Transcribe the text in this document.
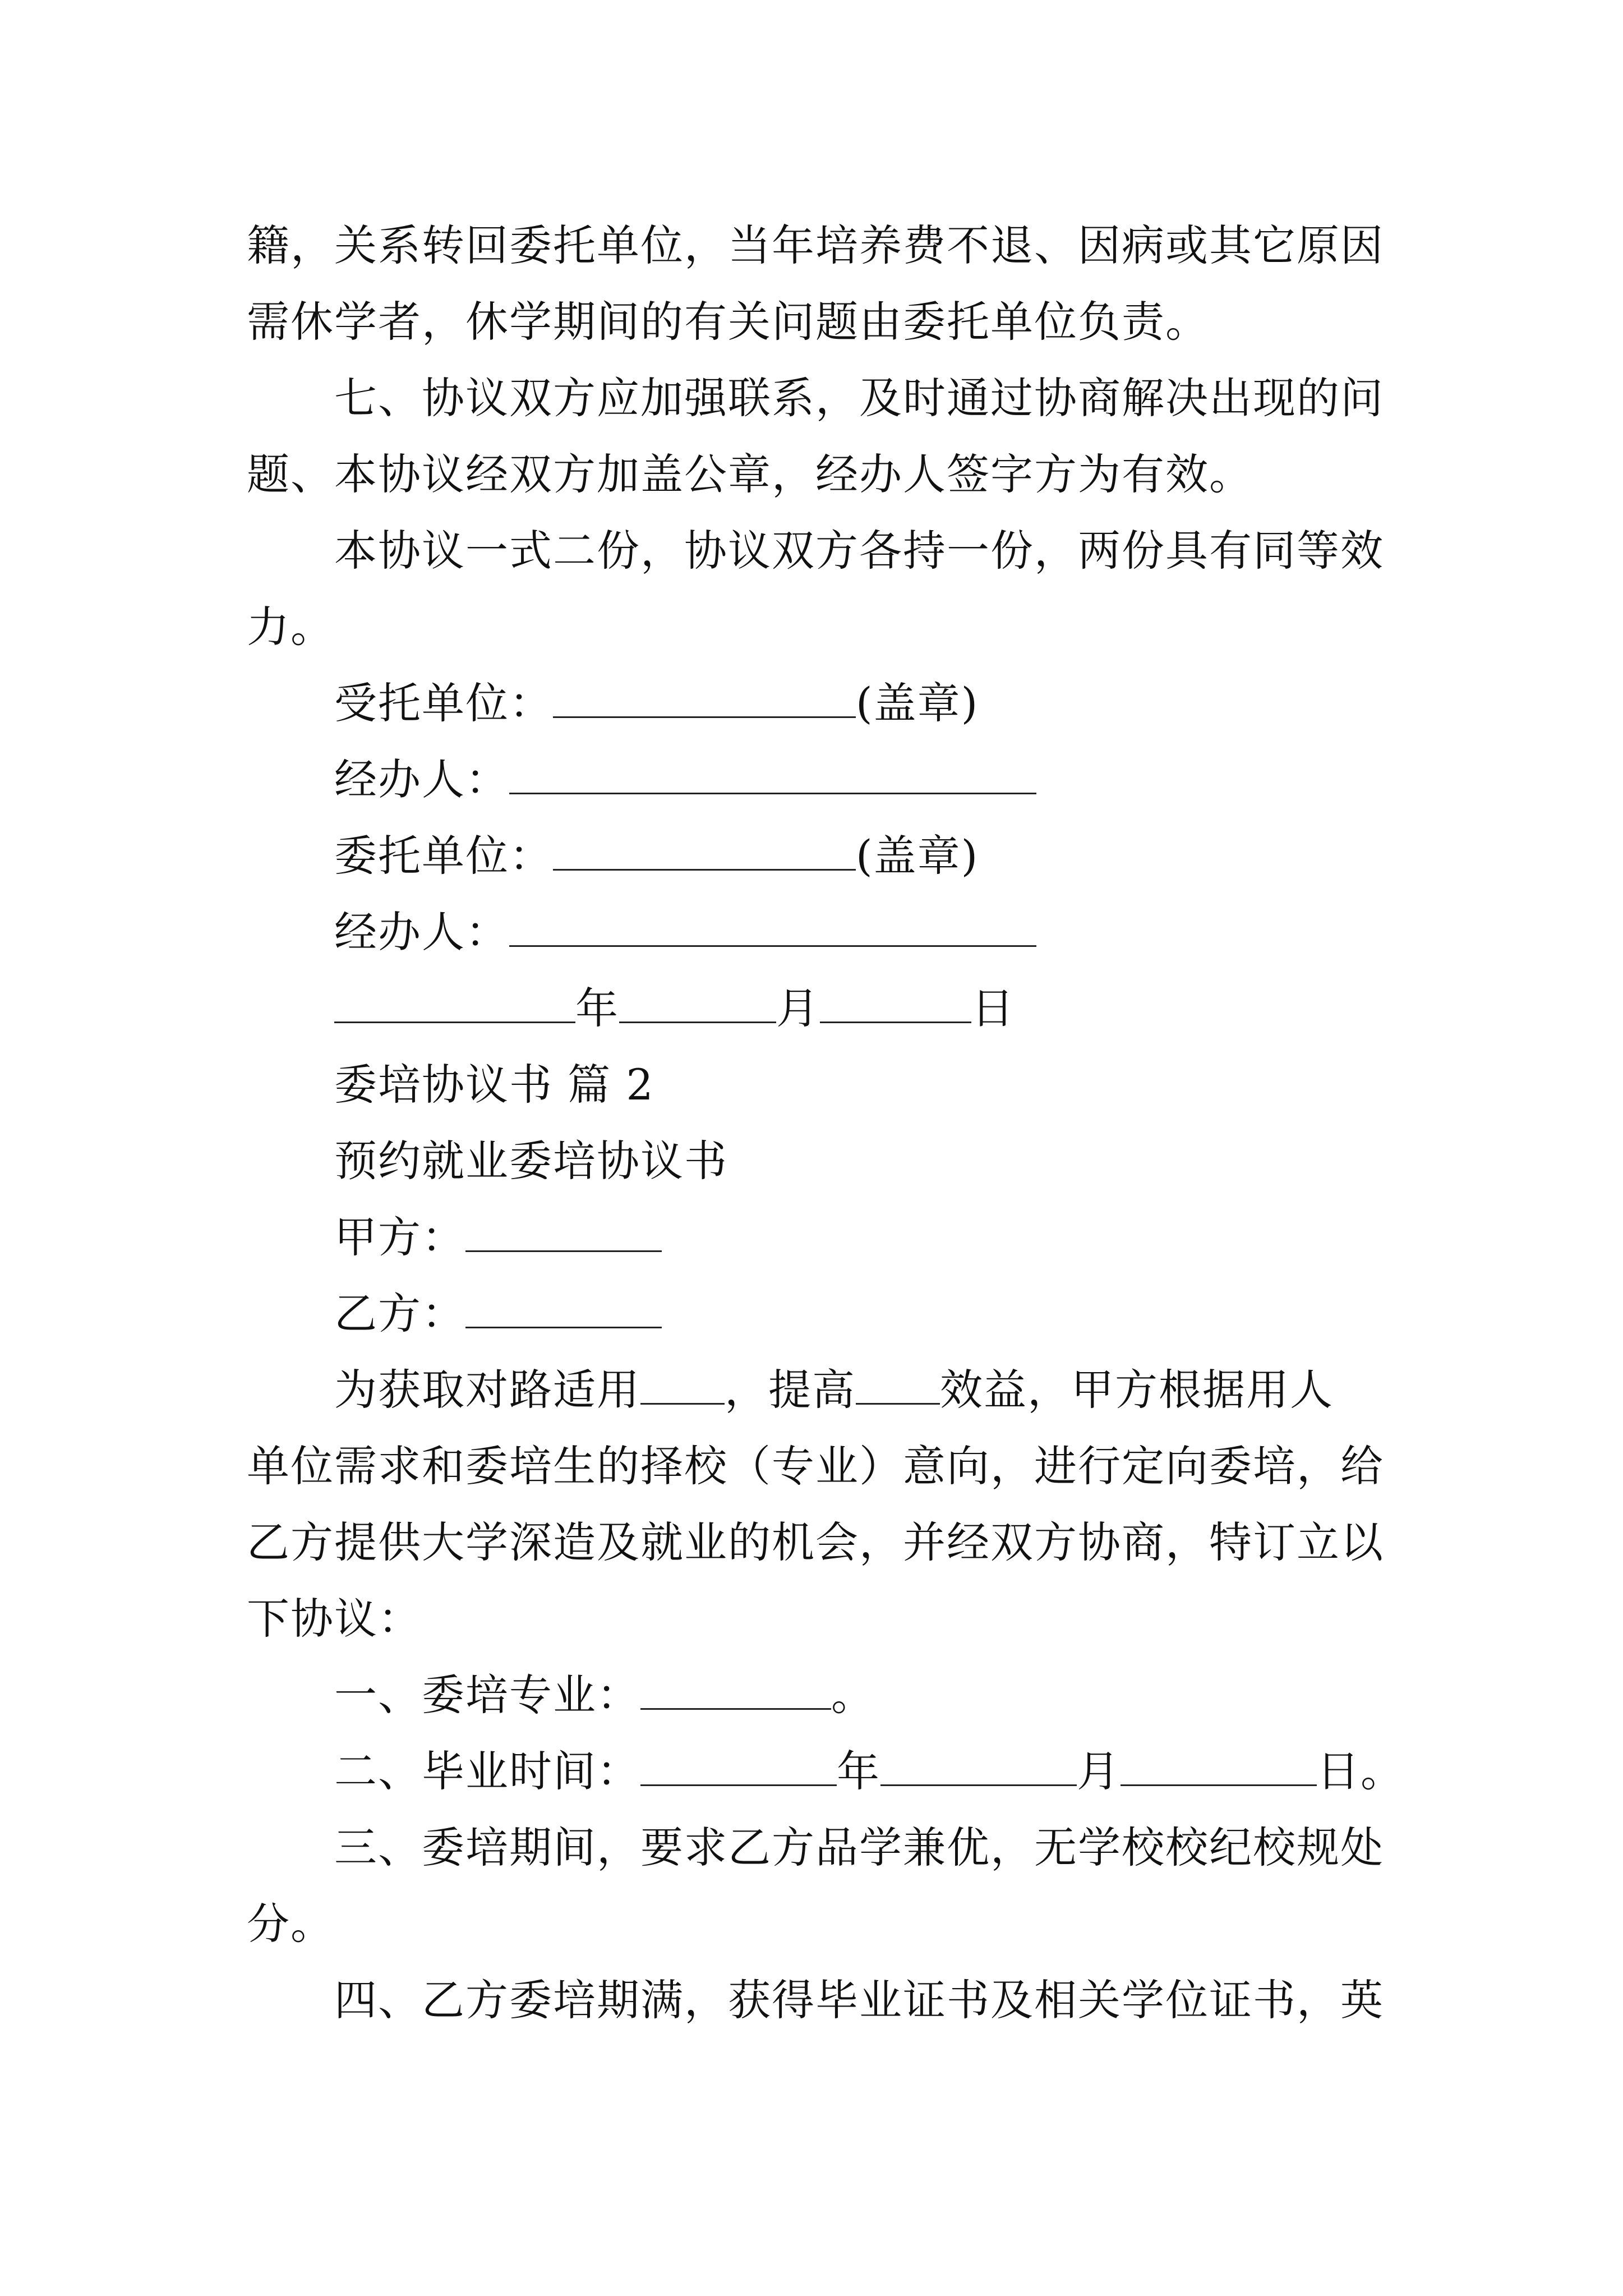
籍，关系转回委托单位，当年培养费不退、因病或其它原因
需休学者，休学期间的有关问题由委托单位负责。
七、协议双方应加强联系，及时通过协商解决出现的问
题、本协议经双方加盖公章，经办人签字方为有效。
本协议一式二份，协议双方各持一份，两份具有同等效
力。
受托单位：	(盖章)
经办人：
委托单位：	(盖章)
经办人：
年	月	日
委培协议书 篇 2
预约就业委培协议书
甲方：
乙方：
为获取对路适用 ，提高 效益，甲方根据用人
单位需求和委培生的择校（专业）意向，进行定向委培，给
乙方提供大学深造及就业的机会，并经双方协商，特订立以
下协议：
一、委培专业：	。
二、毕业时间：	年	月	日。
三、委培期间，要求乙方品学兼优，无学校校纪校规处
分。
四、乙方委培期满，获得毕业证书及相关学位证书，英
